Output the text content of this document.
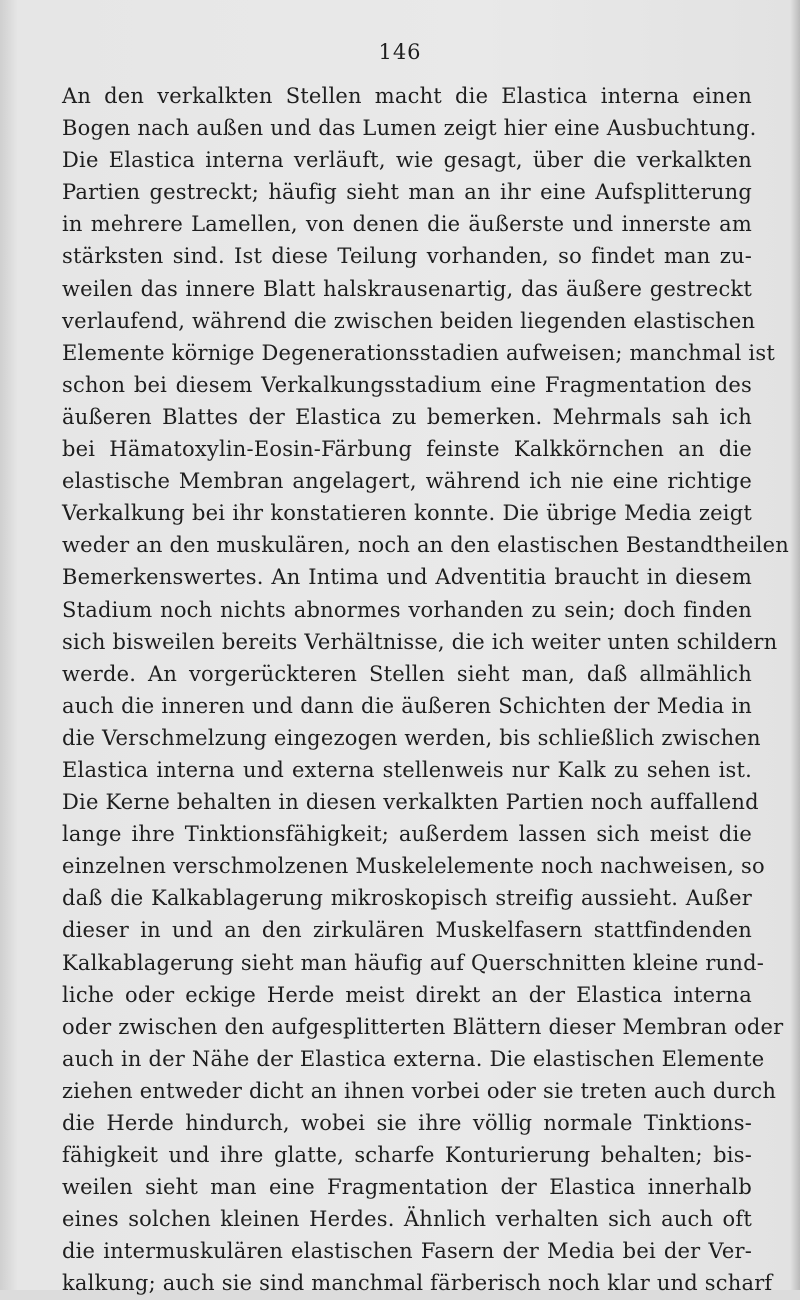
146
An den verkalkten Stellen macht die Elastica interna einen
Bogen nach außen und das Lumen zeigt hier eine Ausbuchtung.
Die Elastica interna verläuft, wie gesagt, über die verkalkten
Partien gestreckt; häufig sieht man an ihr eine Aufsplitterung
in mehrere Lamellen, von denen die äußerste und innerste am
stärksten sind. Ist diese Teilung vorhanden, so findet man zu-
weilen das innere Blatt halskrausenartig, das äußere gestreckt
verlaufend, während die zwischen beiden liegenden elastischen
Elemente körnige Degenerationsstadien aufweisen; manchmal ist
schon bei diesem Verkalkungsstadium eine Fragmentation des
äußeren Blattes der Elastica zu bemerken. Mehrmals sah ich
bei Hämatoxylin-Eosin-Färbung feinste Kalkkörnchen an die
elastische Membran angelagert, während ich nie eine richtige
Verkalkung bei ihr konstatieren konnte. Die übrige Media zeigt
weder an den muskulären, noch an den elastischen Bestandtheilen
Bemerkenswertes. An Intima und Adventitia braucht in diesem
Stadium noch nichts abnormes vorhanden zu sein; doch finden
sich bisweilen bereits Verhältnisse, die ich weiter unten schildern
werde. An vorgerückteren Stellen sieht man, daß allmählich
auch die inneren und dann die äußeren Schichten der Media in
die Verschmelzung eingezogen werden, bis schließlich zwischen
Elastica interna und externa stellenweis nur Kalk zu sehen ist.
Die Kerne behalten in diesen verkalkten Partien noch auffallend
lange ihre Tinktionsfähigkeit; außerdem lassen sich meist die
einzelnen verschmolzenen Muskelelemente noch nachweisen, so
daß die Kalkablagerung mikroskopisch streifig aussieht. Außer
dieser in und an den zirkulären Muskelfasern stattfindenden
Kalkablagerung sieht man häufig auf Querschnitten kleine rund-
liche oder eckige Herde meist direkt an der Elastica interna
oder zwischen den aufgesplitterten Blättern dieser Membran oder
auch in der Nähe der Elastica externa. Die elastischen Elemente
ziehen entweder dicht an ihnen vorbei oder sie treten auch durch
die Herde hindurch, wobei sie ihre völlig normale Tinktions-
fähigkeit und ihre glatte, scharfe Konturierung behalten; bis-
weilen sieht man eine Fragmentation der Elastica innerhalb
eines solchen kleinen Herdes. Ähnlich verhalten sich auch oft
die intermuskulären elastischen Fasern der Media bei der Ver-
kalkung; auch sie sind manchmal färberisch noch klar und scharf
